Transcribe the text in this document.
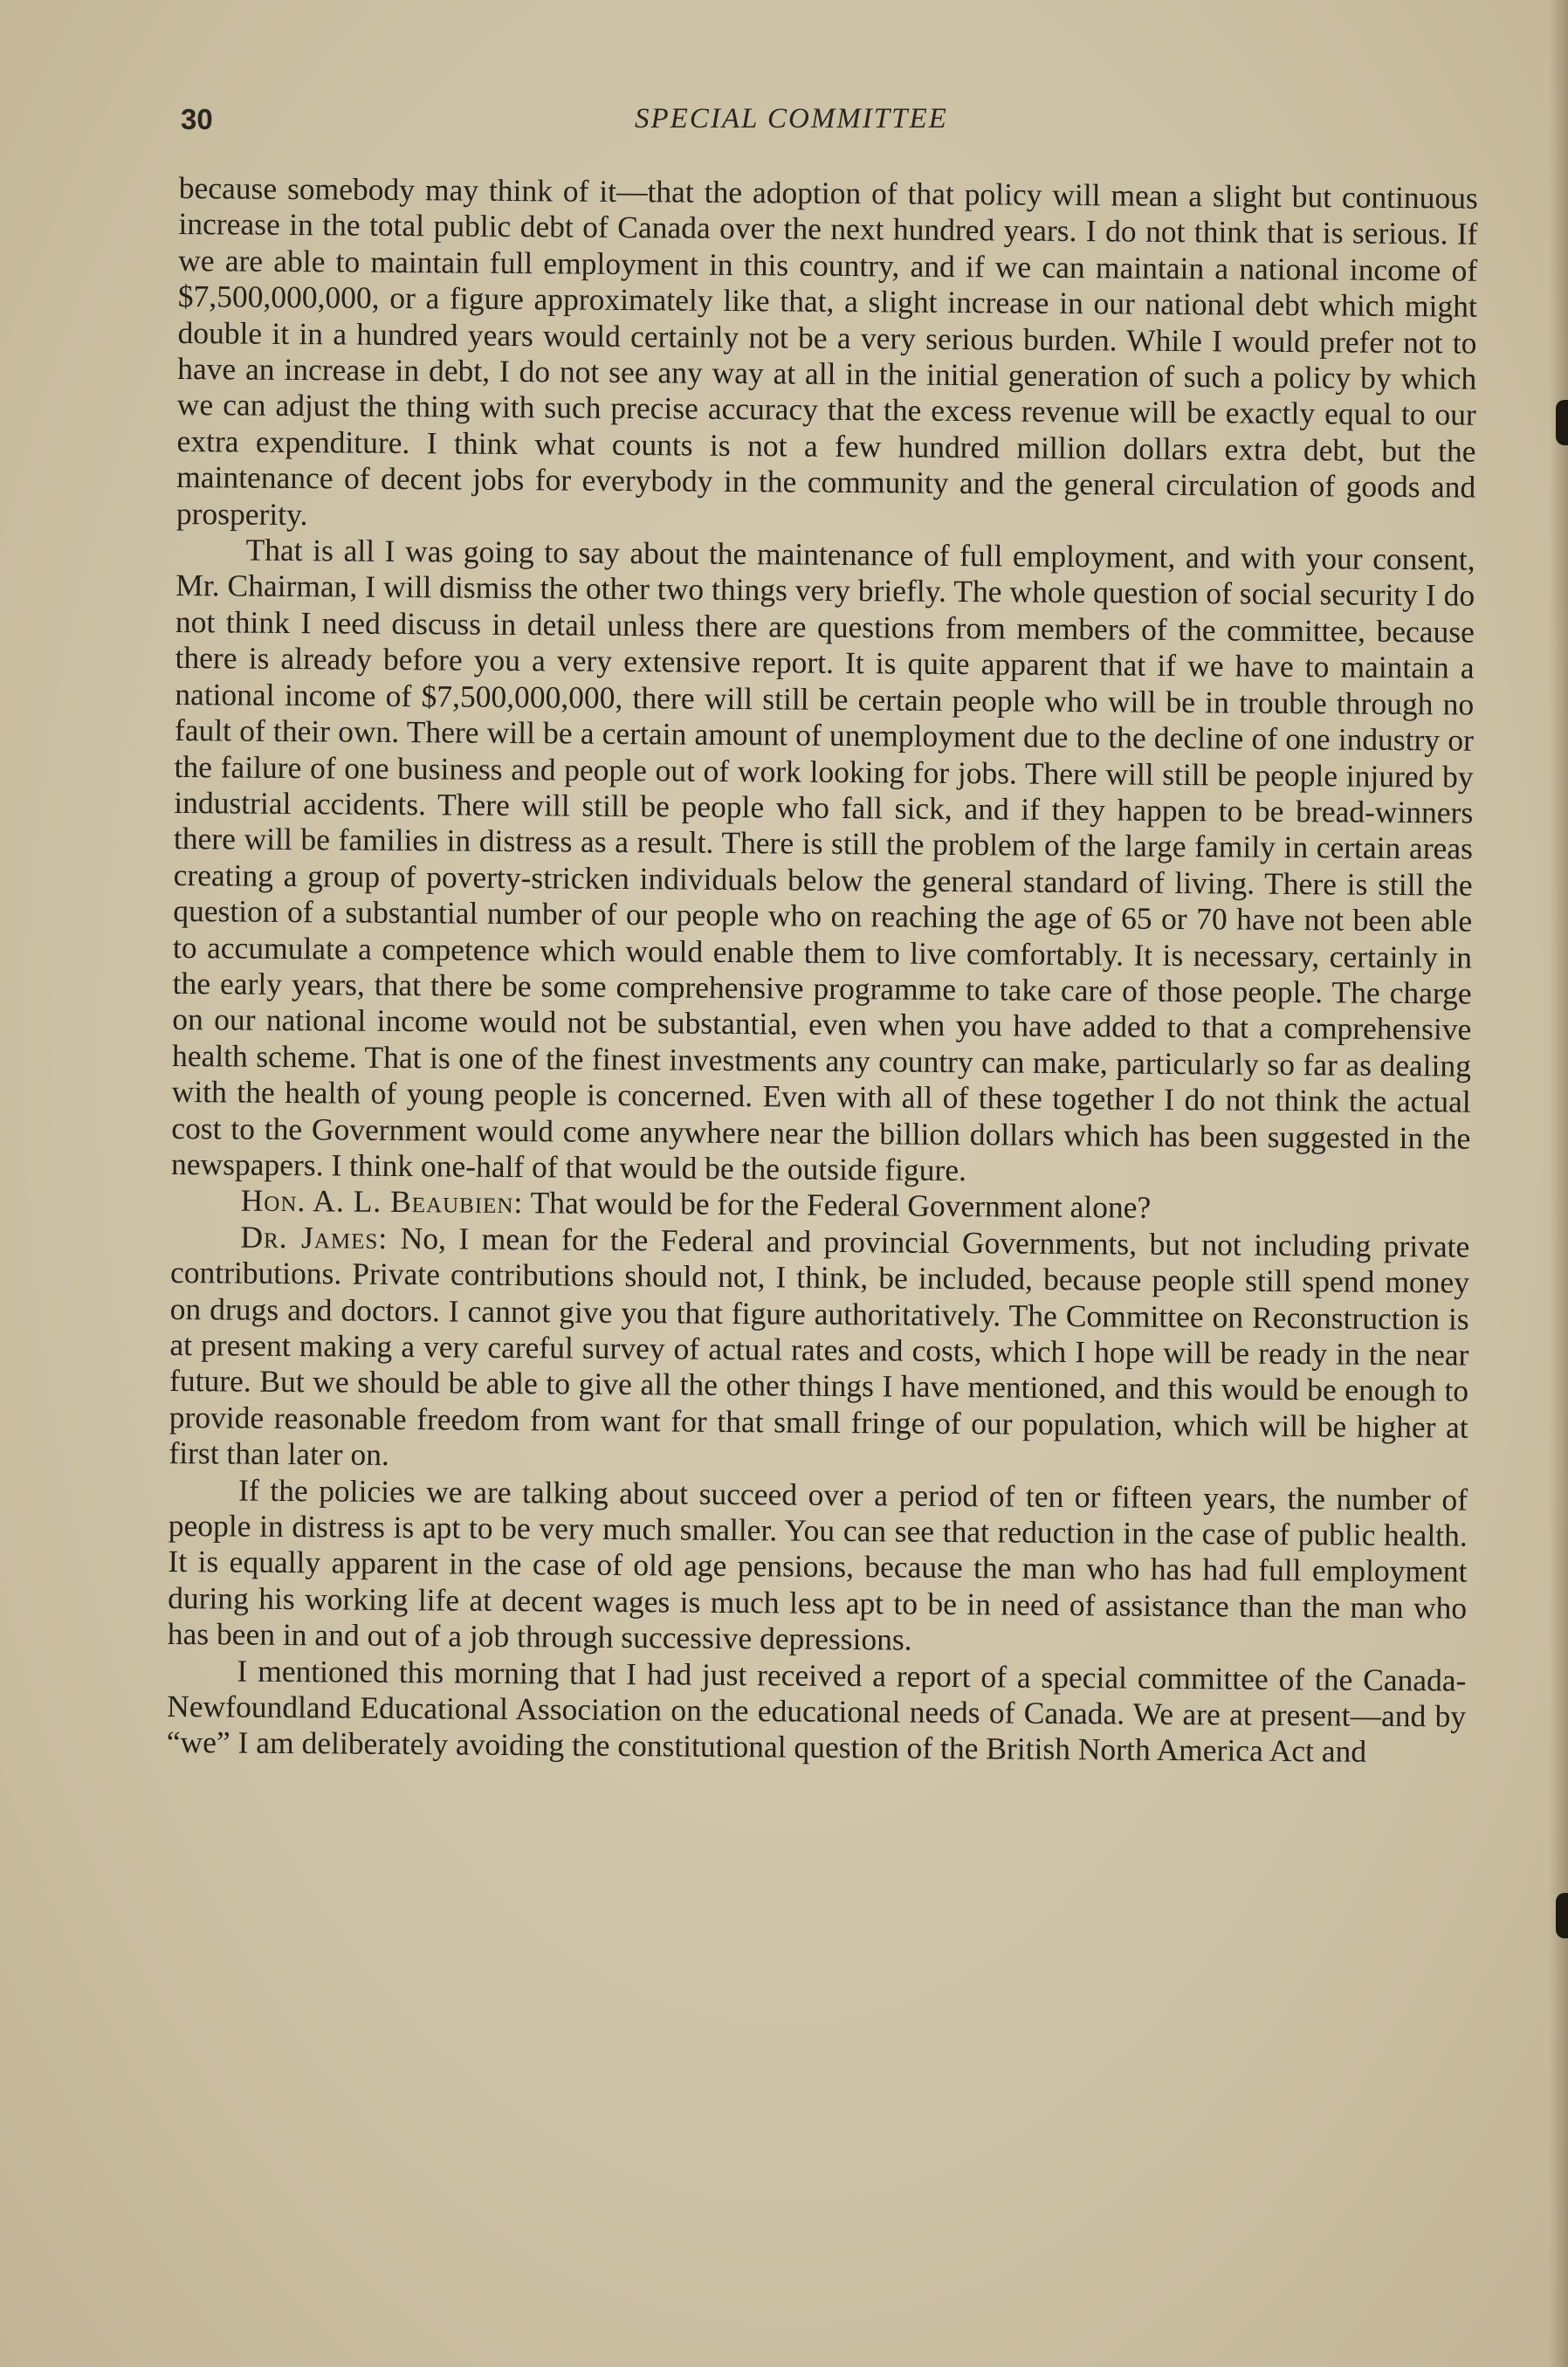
30	SPECIAL COMMITTEE

because somebody may think of it—that the adoption of that policy will mean a slight but continuous increase in the total public debt of Canada over the next hundred years. I do not think that is serious. If we are able to maintain full employment in this country, and if we can maintain a national income of $7,500,000,000, or a figure approximately like that, a slight increase in our national debt which might double it in a hundred years would certainly not be a very serious burden. While I would prefer not to have an increase in debt, I do not see any way at all in the initial generation of such a policy by which we can adjust the thing with such precise accuracy that the excess revenue will be exactly equal to our extra expenditure. I think what counts is not a few hundred million dollars extra debt, but the maintenance of decent jobs for everybody in the community and the general circulation of goods and prosperity.

That is all I was going to say about the maintenance of full employment, and with your consent, Mr. Chairman, I will dismiss the other two things very briefly. The whole question of social security I do not think I need discuss in detail unless there are questions from members of the committee, because there is already before you a very extensive report. It is quite apparent that if we have to maintain a national income of $7,500,000,000, there will still be certain people who will be in trouble through no fault of their own. There will be a certain amount of unemployment due to the decline of one industry or the failure of one business and people out of work looking for jobs. There will still be people injured by industrial accidents. There will still be people who fall sick, and if they happen to be bread-winners there will be families in distress as a result. There is still the problem of the large family in certain areas creating a group of poverty-stricken individuals below the general standard of living. There is still the question of a substantial number of our people who on reaching the age of 65 or 70 have not been able to accumulate a competence which would enable them to live comfortably. It is necessary, certainly in the early years, that there be some comprehensive programme to take care of those people. The charge on our national income would not be substantial, even when you have added to that a comprehensive health scheme. That is one of the finest investments any country can make, particularly so far as dealing with the health of young people is concerned. Even with all of these together I do not think the actual cost to the Government would come anywhere near the billion dollars which has been suggested in the newspapers. I think one-half of that would be the outside figure.

Hon. A. L. Beaubien: That would be for the Federal Government alone?

Dr. James: No, I mean for the Federal and provincial Governments, but not including private contributions. Private contributions should not, I think, be included, because people still spend money on drugs and doctors. I cannot give you that figure authoritatively. The Committee on Reconstruction is at present making a very careful survey of actual rates and costs, which I hope will be ready in the near future. But we should be able to give all the other things I have mentioned, and this would be enough to provide reasonable freedom from want for that small fringe of our population, which will be higher at first than later on.

If the policies we are talking about succeed over a period of ten or fifteen years, the number of people in distress is apt to be very much smaller. You can see that reduction in the case of public health. It is equally apparent in the case of old age pensions, because the man who has had full employment during his working life at decent wages is much less apt to be in need of assistance than the man who has been in and out of a job through successive depressions.

I mentioned this morning that I had just received a report of a special committee of the Canada-Newfoundland Educational Association on the educational needs of Canada. We are at present—and by “we” I am deliberately avoiding the constitutional question of the British North America Act and
